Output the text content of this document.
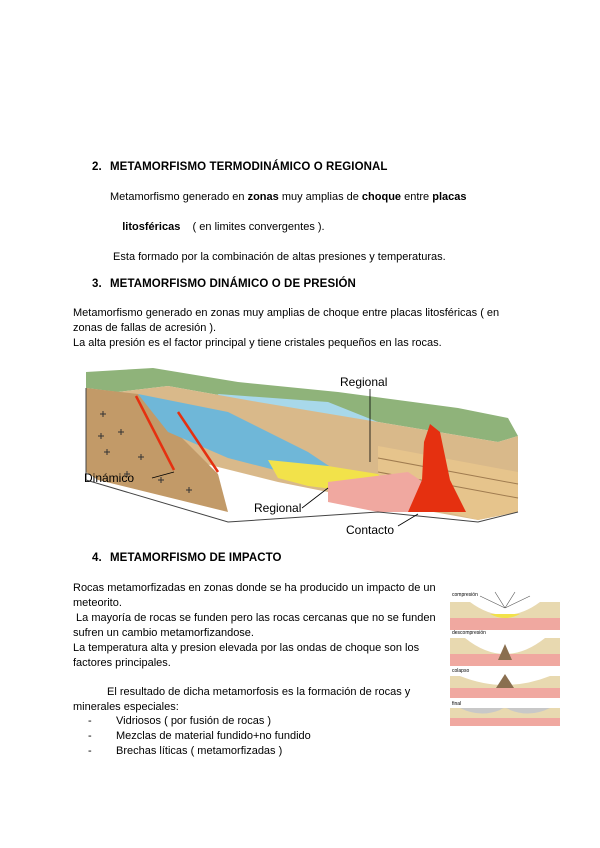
2. METAMORFISMO TERMODINÁMICO O REGIONAL
Metamorfismo generado en zonas muy amplias de choque entre placas

litosféricas    ( en limites convergentes ).

Esta formado por la combinación de altas presiones y temperaturas.
3. METAMORFISMO DINÁMICO O DE PRESIÓN
Metamorfismo generado en zonas muy amplias de choque entre placas litosféricas ( en
zonas de fallas de acresión ).
La alta presión es el factor principal y tiene cristales pequeños en las rocas.
Regional
Dinámico
Regional
Contacto
4. METAMORFISMO DE IMPACTO
Rocas metamorfizadas en zonas donde se ha producido un impacto de un
meteorito.
La mayoría de rocas se funden pero las rocas cercanas que no se funden
sufren un cambio metamorfizandose.
La temperatura alta y presion elevada por las ondas de choque son los
factores principales.
El resultado de dicha metamorfosis es la formación de rocas y
minerales especiales:
-	Vidriosos ( por fusión de rocas )
-	Mezclas de material fundido+no fundido
-	Brechas líticas ( metamorfizadas )
compresión
descompresión
colapso
final
